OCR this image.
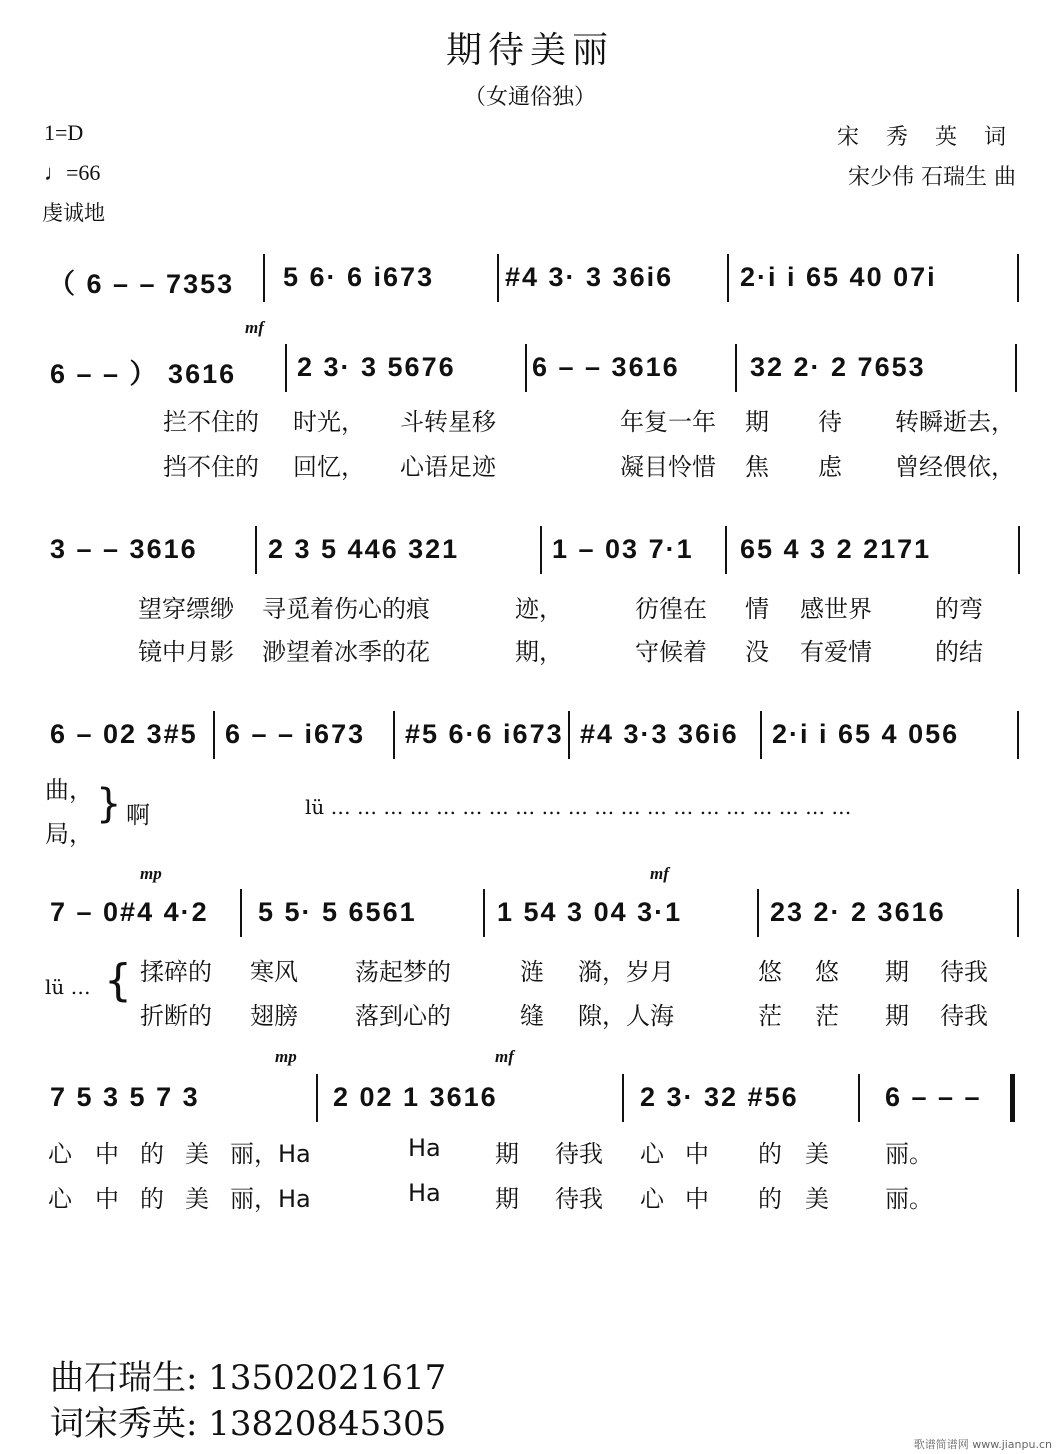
期待美丽
（女通俗独）
1=D
♩=66
虔诚地
宋 秀 英 词
宋少伟 石瑞生 曲
（ 6 – – 7353 5 6· 6 i673	#4 3· 3 36i6 2·i i 65 40 07i
6 – – ） 3616 2 3· 3 5676	6 – – 3616	32 2· 2 7653
mf
拦不住的 时光， 斗转星移	年复一年 期 待 转瞬逝去，
挡不住的 回忆， 心语足迹	凝目怜惜 焦 虑 曾经偎依，
3 – – 3616	2 3 5 446 321	1 – 03 7·1 65 4 3 2 2171
望穿缥缈 寻觅着伤心的痕	迹，	彷徨在 情 感世界	的弯
镜中月影 渺望着冰季的花	期，	守候着 没 有爱情	的结
6 – 02 3#5 6 – – i673 #5 6·6 i673 #4 3·3 36i6 2·i i 65 4 056
曲，
局，
} 啊	lü … … … … … … … … … … … … … … … … … … … …
7 – 0#4 4·2 5 5· 5 6561	1 54 3 04 3·1	23 2· 2 3616
mp	mf
揉碎的 寒风 荡起梦的	涟 漪，岁月	悠 悠 期 待我
折断的 翅膀 落到心的	缝 隙，人海	茫 茫 期 待我
lü … {
7 5 3 5 7 3	2 02 1 3616	2 3· 32 #56	6 – – –
mp	mf
心 中 的 美 丽，Ha	Ha 期 待我 心 中 的 美 丽。
心 中 的 美 丽，Ha	Ha 期 待我 心 中 的 美 丽。
曲石瑞生: 13502021617
词宋秀英: 13820845305
歌谱简谱网 www.jianpu.cn
